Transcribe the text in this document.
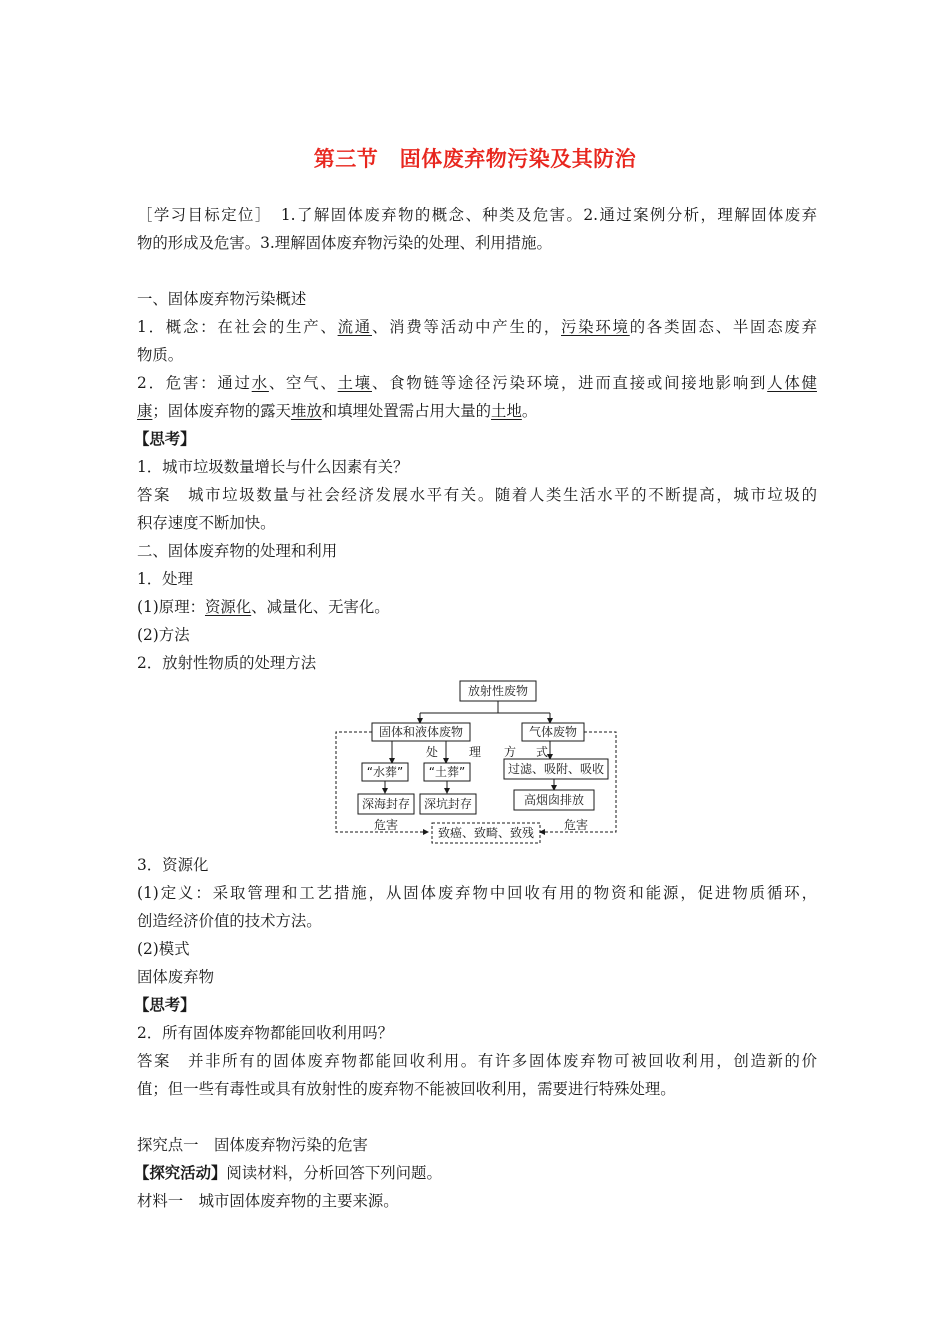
第三节　固体废弃物污染及其防治
［学习目标定位］　1.了解固体废弃物的概念、种类及危害。2.通过案例分析，理解固体废弃
物的形成及危害。3.理解固体废弃物污染的处理、利用措施。
一、固体废弃物污染概述
1．概念：在社会的生产、流通、消费等活动中产生的，污染环境的各类固态、半固态废弃
物质。
2．危害：通过水、空气、土壤、食物链等途径污染环境，进而直接或间接地影响到人体健
康；固体废弃物的露天堆放和填埋处置需占用大量的土地。
【思考】
1．城市垃圾数量增长与什么因素有关？
答案　城市垃圾数量与社会经济发展水平有关。随着人类生活水平的不断提高，城市垃圾的
积存速度不断加快。
二、固体废弃物的处理和利用
1．处理
(1)原理：资源化、减量化、无害化。
(2)方法
2．放射性物质的处理方法
放射性废物
固体和液体废物	气体废物
处	理 方 式
“水葬” “土葬”
深海封存 深坑封存
过滤、吸附、吸收
高烟囱排放
危害	危害
致癌、致畸、致残
3．资源化
(1)定义：采取管理和工艺措施，从固体废弃物中回收有用的物资和能源，促进物质循环，
创造经济价值的技术方法。
(2)模式
固体废弃物
【思考】
2．所有固体废弃物都能回收利用吗？
答案　并非所有的固体废弃物都能回收利用。有许多固体废弃物可被回收利用，创造新的价
值；但一些有毒性或具有放射性的废弃物不能被回收利用，需要进行特殊处理。
探究点一　固体废弃物污染的危害
【探究活动】阅读材料，分析回答下列问题。
材料一　城市固体废弃物的主要来源。
